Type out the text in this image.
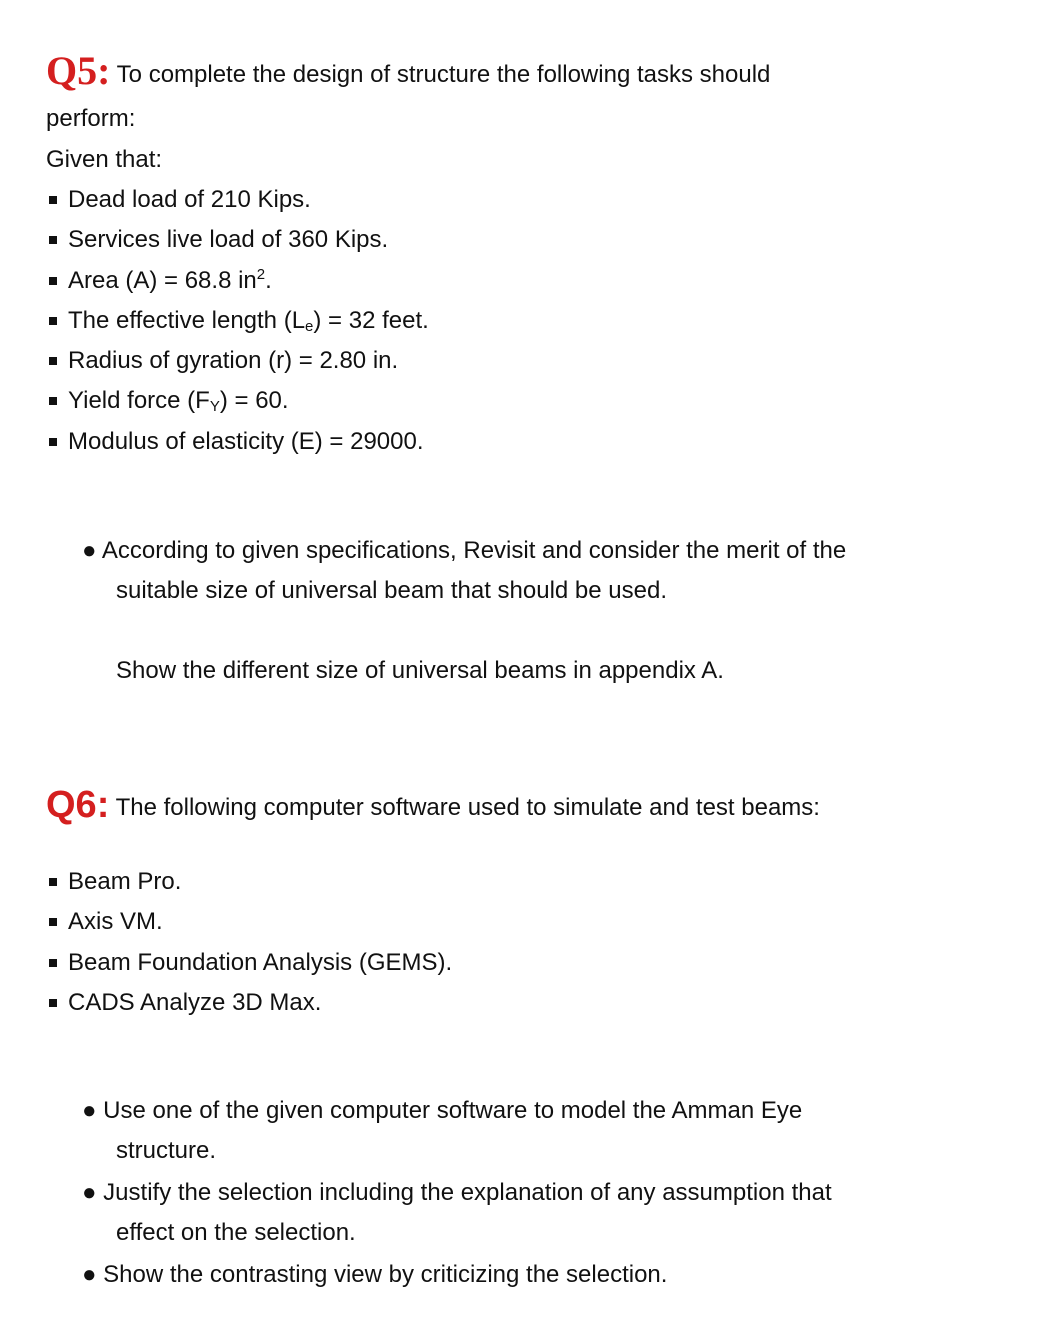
Q5: To complete the design of structure the following tasks should
perform:
Given that:
Dead load of 210 Kips.
Services live load of 360 Kips.
Area (A) = 68.8 $in^2$.
The effective length $(L_e) = 32$ feet.
Radius of gyration (r) = 2.80 in.
Yield force $(F_Y) = 60$.
Modulus of elasticity (E) = 29000.
● According to given specifications, Revisit and consider the merit of the
suitable size of universal beam that should be used.
Show the different size of universal beams in appendix A.
Q6: The following computer software used to simulate and test beams:
Beam Pro.
Axis VM.
Beam Foundation Analysis (GEMS).
CADS Analyze 3D Max.
● Use one of the given computer software to model the Amman Eye
structure.
● Justify the selection including the explanation of any assumption that
effect on the selection.
● Show the contrasting view by criticizing the selection.
